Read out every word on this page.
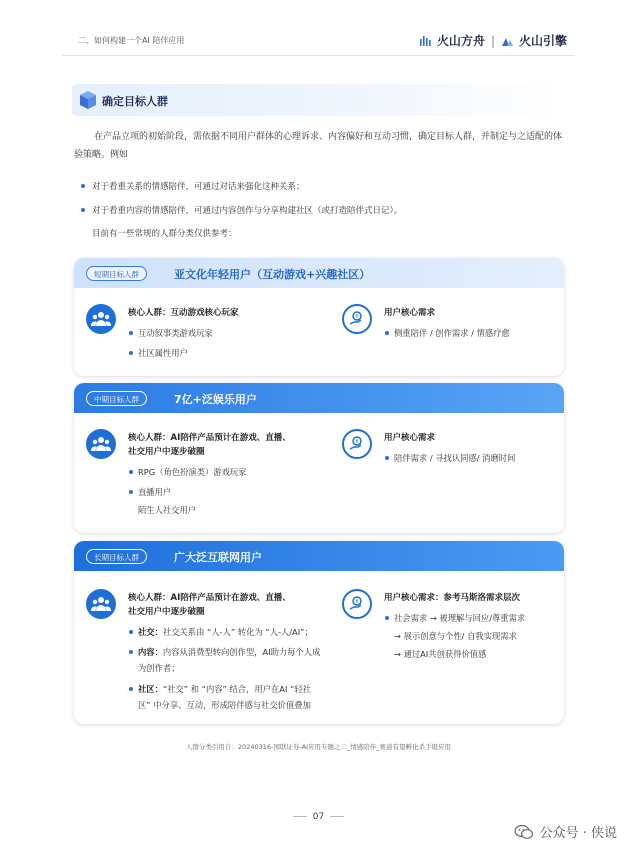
二、如何构建一个AI 陪伴应用	火山方舟 | 火山引擎
确定目标人群
在产品立项的初始阶段，需依据不同用户群体的心理诉求、内容偏好和互动习惯，确定目标人群，并制定与之适配的体验策略。例如
对于看重关系的情感陪伴，可通过对话来强化这种关系；
对于看重内容的情感陪伴，可通过内容创作与分享构建社区（或打造陪伴式日记）。
目前有一些常规的人群分类仅供参考：
短期目标人群	亚文化年轻用户（互动游戏+兴趣社区）
核心人群：互动游戏核心玩家
互动叙事类游戏玩家
社区属性用户
¥	用户核心需求
侧重陪伴 / 创作需求 / 情感疗愈
中期目标人群	7亿+泛娱乐用户
核心人群：AI陪伴产品预计在游戏、直播、
社交用户中逐步破圈
RPG（角色扮演类）游戏玩家
直播用户
陌生人社交用户
¥	用户核心需求
陪伴需求 / 寻找认同感/ 消磨时间
长期目标人群	广大泛互联网用户
核心人群：AI陪伴产品预计在游戏、直播、
社交用户中逐步破圈
社交：社交关系由 “人-人” 转化为 “人-人/AI”；
内容：内容从消费型转向创作型，AI助力每个人成
为创作者；
社区：“社交” 和 “内容” 结合，用户在AI “轻社
区” 中分享、互动，形成陪伴感与社交价值叠加
¥	用户核心需求：参考马斯洛需求层次
社会需求 → 被理解与回应/尊重需求
→ 展示创意与个性/ 自我实现需求
→ 通过AI共创获得价值感
人群分类引用自：20240316-国联证券-AI应用专题之二_情感陪伴_赛道有望孵化杀手级应用
07
公众号 · 侠说
